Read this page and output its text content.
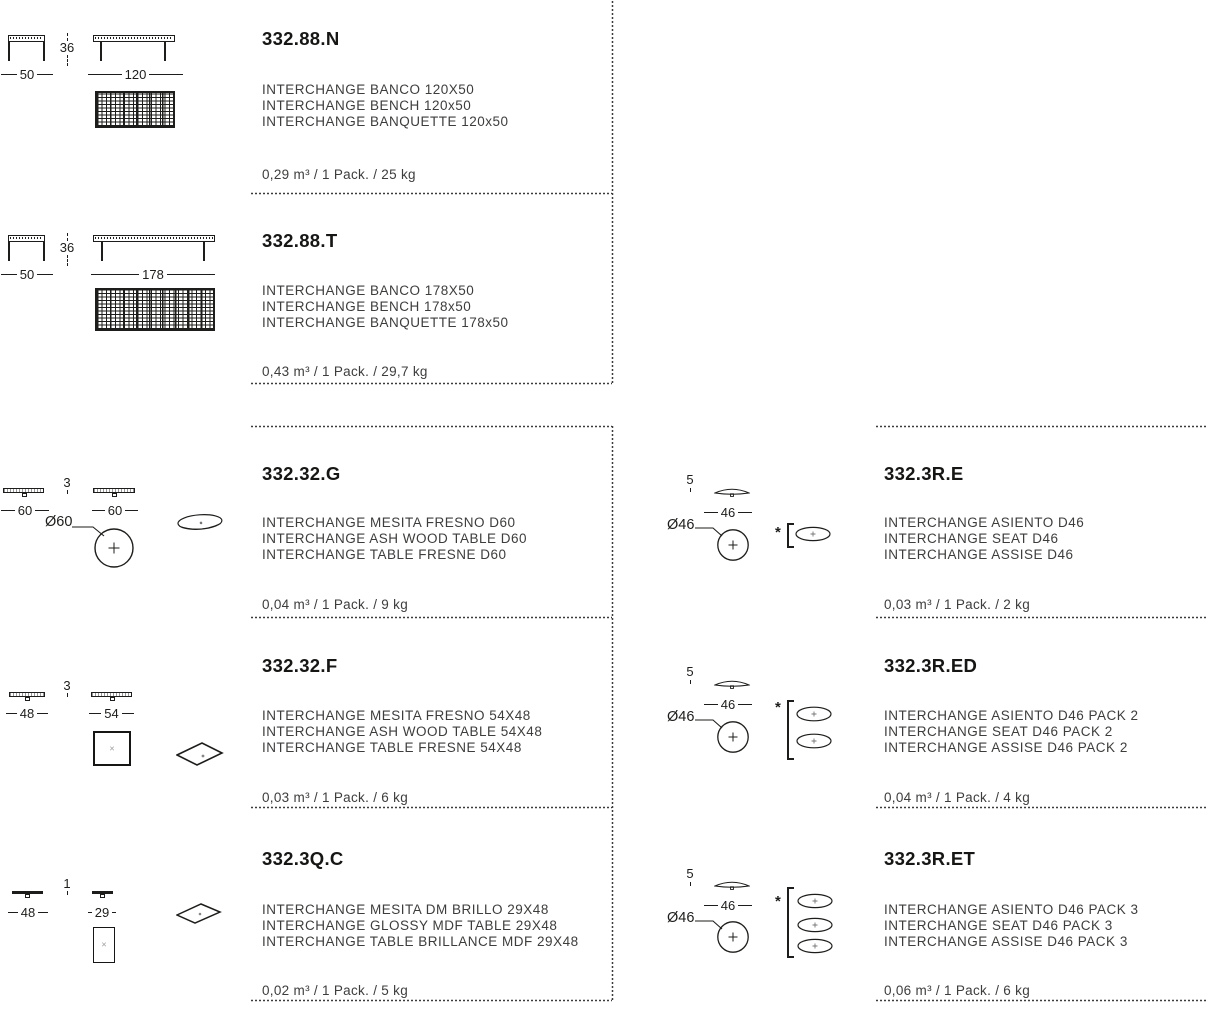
36
50	120
332.88.N
INTERCHANGE BANCO 120X50
INTERCHANGE BENCH 120x50
INTERCHANGE BANQUETTE 120x50
0,29 m³ / 1 Pack. / 25 kg
36
50	178
332.88.T
INTERCHANGE BANCO 178X50
INTERCHANGE BENCH 178x50
INTERCHANGE BANQUETTE 178x50
0,43 m³ / 1 Pack. / 29,7 kg
3
60	60
Ø60
332.32.G
INTERCHANGE MESITA FRESNO D60
INTERCHANGE ASH WOOD TABLE D60
INTERCHANGE TABLE FRESNE D60
0,04 m³ / 1 Pack. / 9 kg
3
48	54
×
332.32.F
INTERCHANGE MESITA FRESNO 54X48
INTERCHANGE ASH WOOD TABLE 54X48
INTERCHANGE TABLE FRESNE 54X48
0,03 m³ / 1 Pack. / 6 kg
1
48	29
×
332.3Q.C
INTERCHANGE MESITA DM BRILLO 29X48
INTERCHANGE GLOSSY MDF TABLE 29X48
INTERCHANGE TABLE BRILLANCE MDF 29X48
0,02 m³ / 1 Pack. / 5 kg
5
46
Ø46	*
332.3R.E
INTERCHANGE ASIENTO D46
INTERCHANGE SEAT D46
INTERCHANGE ASSISE D46
0,03 m³ / 1 Pack. / 2 kg
5
46
Ø46
*
332.3R.ED
INTERCHANGE ASIENTO D46 PACK 2
INTERCHANGE SEAT D46 PACK 2
INTERCHANGE ASSISE D46 PACK 2
0,04 m³ / 1 Pack. / 4 kg
5
46
Ø46
*
332.3R.ET
INTERCHANGE ASIENTO D46 PACK 3
INTERCHANGE SEAT D46 PACK 3
INTERCHANGE ASSISE D46 PACK 3
0,06 m³ / 1 Pack. / 6 kg
